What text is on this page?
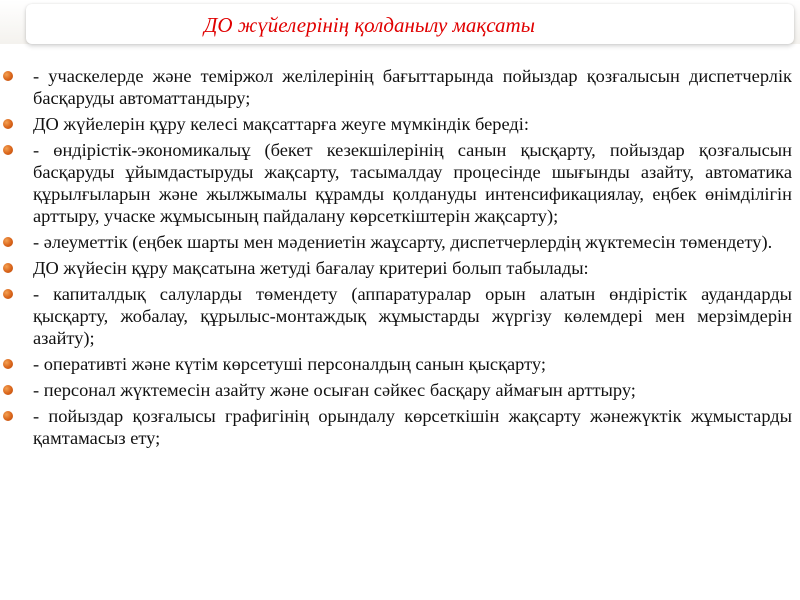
ДО жүйелерінің қолданылу мақсаты
- учаскелерде және теміржол желілерінің бағыттарында пойыздар қозғалысын диспетчерлік басқаруды автоматтандыру;
ДО жүйелерін құру келесі мақсаттарға жеуге мүмкіндік береді:
- өндірістік-экономикалыұ (бекет кезекшілерінің санын қысқарту, пойыздар қозғалысын басқаруды ұйымдастыруды жақсарту, тасымалдау процесінде шығынды азайту, автоматика құрылғыларын және жылжымалы құрамды қолдануды интенсификациялау, еңбек өнімділігін арттыру, учаске жұмысының пайдалану көрсеткіштерін жақсарту);
- әлеуметтік (еңбек шарты мен мәдениетін жаұсарту, диспетчерлердің жүктемесін төмендету).
ДО жүйесін құру мақсатына жетуді бағалау критериі болып табылады:
- капиталдық салуларды төмендету (аппаратуралар орын алатын өндірістік аудандарды қысқарту, жобалау, құрылыс-монтаждық жұмыстарды жүргізу көлемдері мен мерзімдерін азайту);
- оперативті және күтім көрсетуші персоналдың санын қысқарту;
- персонал жүктемесін азайту және осыған сәйкес басқару аймағын арттыру;
- пойыздар қозғалысы графигінің орындалу көрсеткішін жақсарту жәнежүктік жұмыстарды қамтамасыз ету;
